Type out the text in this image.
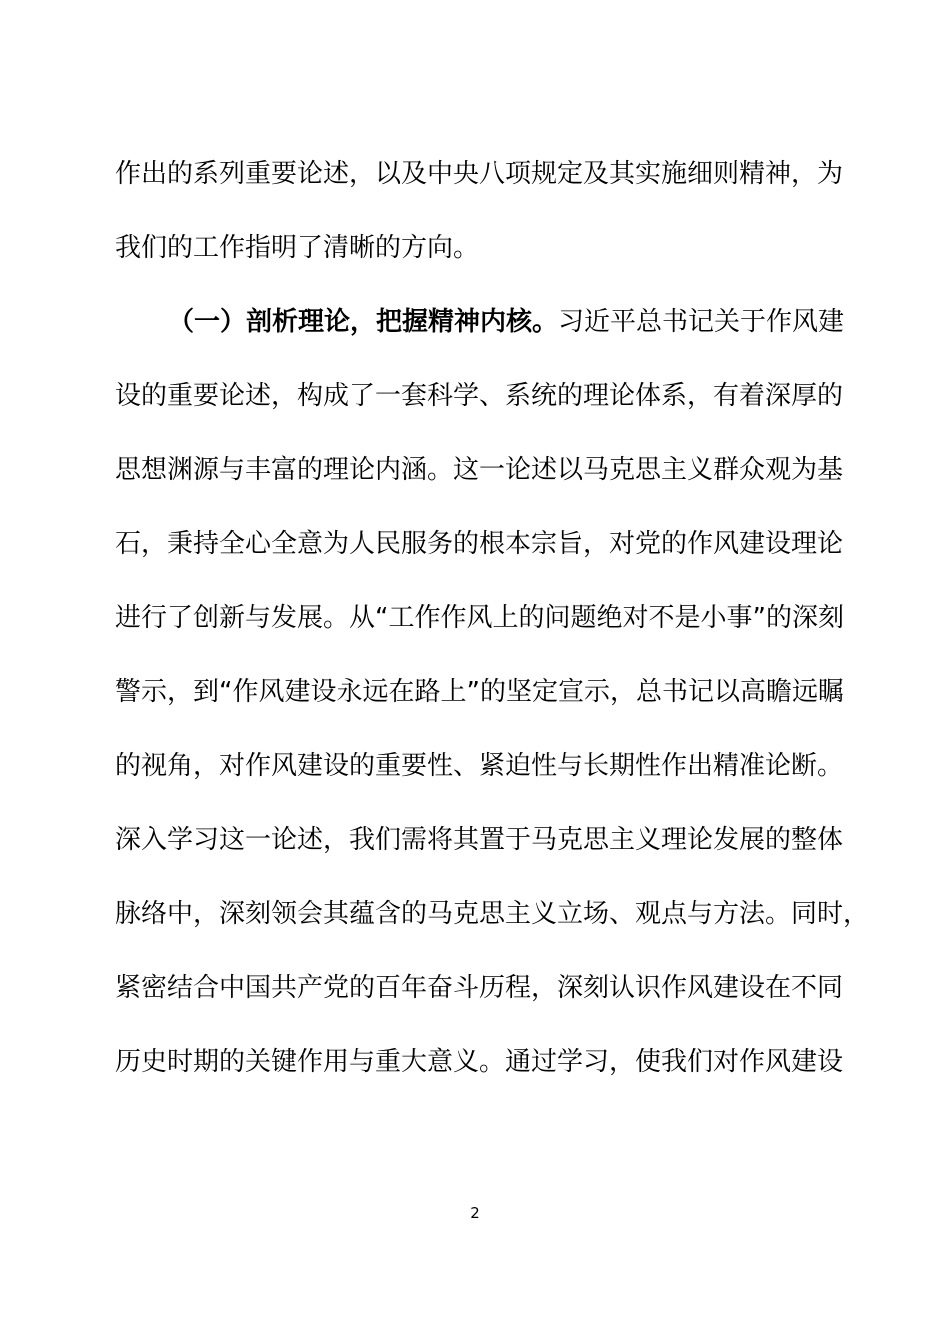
作出的系列重要论述，以及中央八项规定及其实施细则精神，为
我们的工作指明了清晰的方向。
（一）剖析理论，把握精神内核。习近平总书记关于作风建
设的重要论述，构成了一套科学、系统的理论体系，有着深厚的
思想渊源与丰富的理论内涵。这一论述以马克思主义群众观为基
石，秉持全心全意为人民服务的根本宗旨，对党的作风建设理论
进行了创新与发展。从“工作作风上的问题绝对不是小事”的深刻
警示，到“作风建设永远在路上”的坚定宣示，总书记以高瞻远瞩
的视角，对作风建设的重要性、紧迫性与长期性作出精准论断。
深入学习这一论述，我们需将其置于马克思主义理论发展的整体
脉络中，深刻领会其蕴含的马克思主义立场、观点与方法。同时，
紧密结合中国共产党的百年奋斗历程，深刻认识作风建设在不同
历史时期的关键作用与重大意义。通过学习，使我们对作风建设
2
